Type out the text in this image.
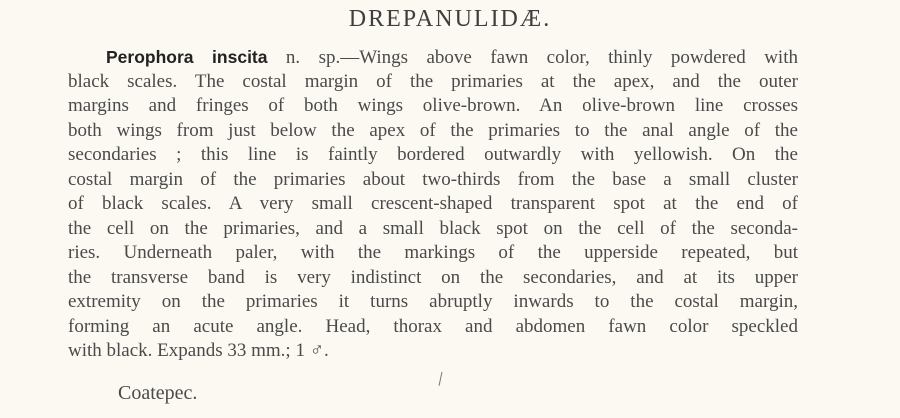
DREPANULIDÆ.
Perophora inscita n. sp.—Wings above fawn color, thinly powdered with
black scales. The costal margin of the primaries at the apex, and the outer
margins and fringes of both wings olive-brown. An olive-brown line crosses
both wings from just below the apex of the primaries to the anal angle of the
secondaries ; this line is faintly bordered outwardly with yellowish. On the
costal margin of the primaries about two-thirds from the base a small cluster
of black scales. A very small crescent-shaped transparent spot at the end of
the cell on the primaries, and a small black spot on the cell of the seconda-
ries. Underneath paler, with the markings of the upperside repeated, but
the transverse band is very indistinct on the secondaries, and at its upper
extremity on the primaries it turns abruptly inwards to the costal margin,
forming an acute angle. Head, thorax and abdomen fawn color speckled
with black. Expands 33 mm.; 1 ♂.
Coatepec.
